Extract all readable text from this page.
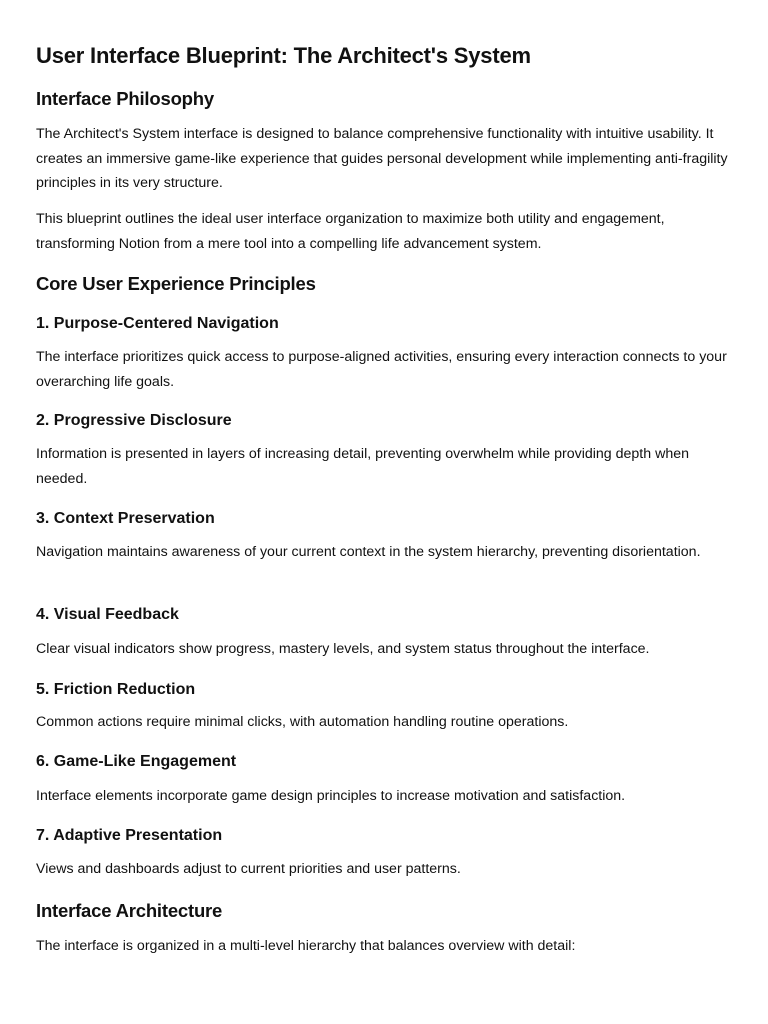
User Interface Blueprint: The Architect's System
Interface Philosophy

The Architect's System interface is designed to balance comprehensive functionality with intuitive usability. It creates an immersive game-like experience that guides personal development while implementing anti-fragility principles in its very structure.

This blueprint outlines the ideal user interface organization to maximize both utility and engagement, transforming Notion from a mere tool into a compelling life advancement system.

Core User Experience Principles
1. Purpose-Centered Navigation

The interface prioritizes quick access to purpose-aligned activities, ensuring every interaction connects to your overarching life goals.

2. Progressive Disclosure

Information is presented in layers of increasing detail, preventing overwhelm while providing depth when needed.

3. Context Preservation

Navigation maintains awareness of your current context in the system hierarchy, preventing disorientation.

4. Visual Feedback

Clear visual indicators show progress, mastery levels, and system status throughout the interface.

5. Friction Reduction

Common actions require minimal clicks, with automation handling routine operations.

6. Game-Like Engagement

Interface elements incorporate game design principles to increase motivation and satisfaction.

7. Adaptive Presentation

Views and dashboards adjust to current priorities and user patterns.

Interface Architecture

The interface is organized in a multi-level hierarchy that balances overview with detail:
